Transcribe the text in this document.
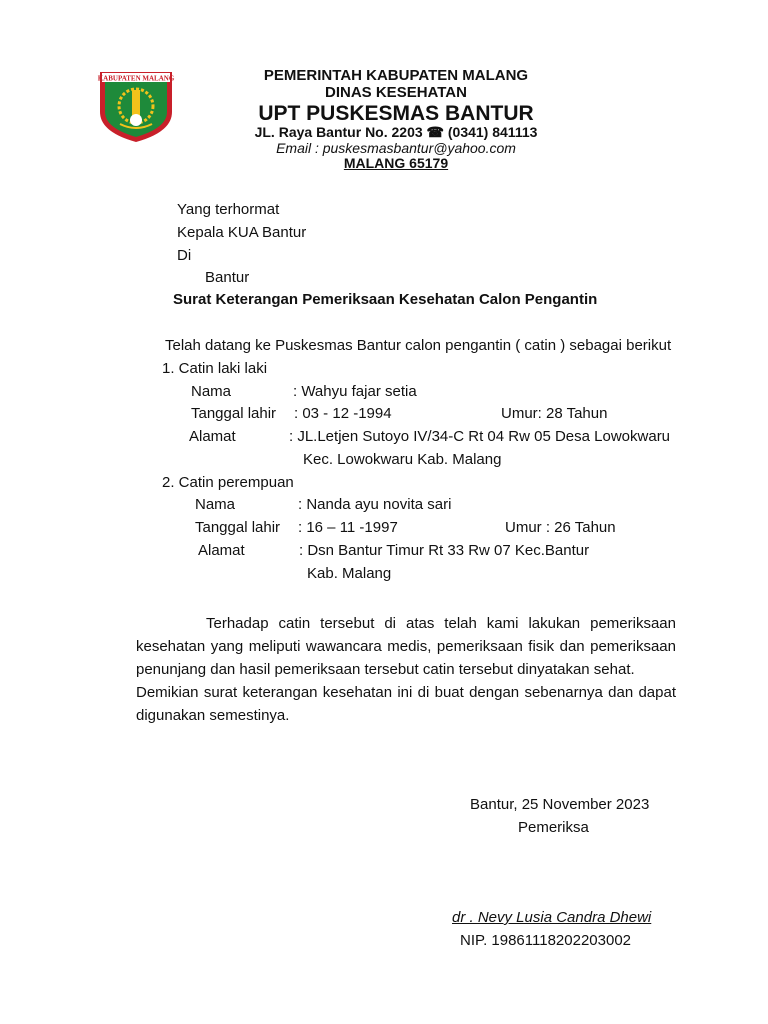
KABUPATEN MALANG	PEMERINTAH KABUPATEN MALANG
DINAS KESEHATAN
UPT PUSKESMAS BANTUR
JL. Raya Bantur No. 2203 ☎ (0341) 841113
Email : puskesmasbantur@yahoo.com
MALANG 65179
Yang terhormat
Kepala KUA Bantur
Di
Bantur
Surat Keterangan Pemeriksaan Kesehatan Calon Pengantin
Telah datang ke Puskesmas Bantur calon pengantin ( catin ) sebagai berikut
1. Catin laki laki
Nama	: Wahyu fajar setia
Tanggal lahir : 03 - 12 -1994	Umur: 28 Tahun
Alamat	: JL.Letjen Sutoyo IV/34-C Rt 04 Rw 05 Desa Lowokwaru
Kec. Lowokwaru Kab. Malang
2. Catin perempuan
Nama	: Nanda ayu novita sari
Tanggal lahir : 16 – 11 -1997	Umur : 26 Tahun
Alamat	: Dsn Bantur Timur Rt 33 Rw 07 Kec.Bantur
Kab. Malang
Terhadap catin tersebut di atas telah kami lakukan pemeriksaan
kesehatan yang meliputi wawancara medis, pemeriksaan fisik dan pemeriksaan
penunjang dan hasil pemeriksaan tersebut catin tersebut dinyatakan sehat.
Demikian surat keterangan kesehatan ini di buat dengan sebenarnya dan dapat
digunakan semestinya.
Bantur, 25 November 2023
Pemeriksa
dr . Nevy Lusia Candra Dhewi
NIP. 19861118202203002
